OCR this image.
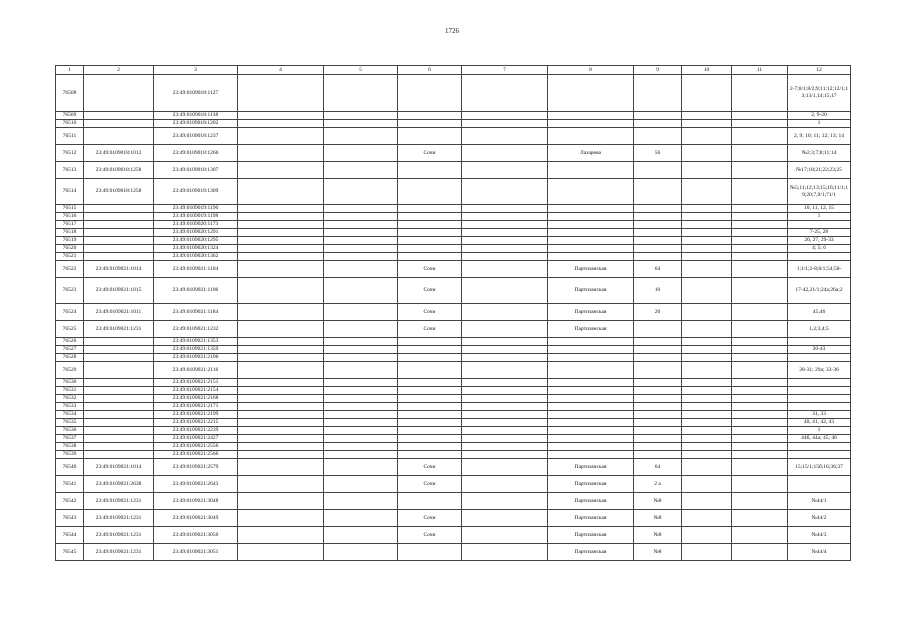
1726
1	2	3	4	5	6	7	8	9	10	11	12
76508		23:49:0109018:1127									2-7;8/1;8/2;9;11;12;12/1;13;13/1,14;15;17
76509		23:49:0109018:1138									2, 9-20
76510		23:49:0109018:1202									1
76511		23:49:0109018:1237									2, 9; 10; 11; 12; 13; 14
76512	23:49:0109018:1012	23:49:0109018:1266			Сочи		Лазарева	56			№2;3;7;8;11;14
76513	23:49:0109018:1258	23:49:0109018:1307									№17;18;21;22;23;25
76514	23:49:0109018:1258	23:49:0109018:1309									№5;11;12;13;15;16;11/1;19;20;7,0/1;71/1
76515		23:49:0109019:1196									10, 11, 12, 15
76516		23:49:0109019:1198									1
76517		23:49:0109020:1173									
76518		23:49:0109020:1291									7-25, 28
76519		23:49:0109020:1295									26, 27, 29-33
76520		23:49:0109020:1324									4; 5; 6
76521		23:49:0109020:1362									
76522	23:49:0109021:1014	23:49:0109021:1104			Сочи		Партизанская	64			1;1/1;2-8;8/1;54;58-
76523	23:49:0109021:1015	23:49:0109021:1106			Сочи		Партизанская	10			17-42,21/1;24а;26а;2
76524	23:49:0109021:1011	23:49:0109021:1184			Сочи		Партизанская	20			45;46
76525	23:49:0109021:1231	23:49:0109021:1232			Сочи		Партизанская				1,2;3,4;5
76526		23:49:0109021:1353									
76527		23:49:0109021:1359									20-43
76528		23:49:0109021:2106									
76529		23:49:0109021:2116									28-31; 29а; 33-36
76530		23:49:0109021:2151									
76531		23:49:0109021:2154									
76532		23:49:0109021:2168									
76533		23:49:0109021:2171									
76534		23:49:0109021:2199									31, 33
76535		23:49:0109021:2215									40, 41, 42, 43
76536		23:49:0109021:2239									1
76537		23:49:0109021:2427									44б, 44а; 45; 46
76538		23:49:0109021:2556									
76539		23:49:0109021:2566									
76540	23:49:0109021:1014	23:49:0109021:2579			Сочи		Партизанская	64			15;15/1;15б;16;36;37
76541	23:49:0109021:2638	23:49:0109021:2643			Сочи		Партизанская	2 а			
76542	23:49:0109021:1231	23:49:0109021:3048					Партизанская	№8			№44/1
76543	23:49:0109021:1231	23:49:0109021:3049			Сочи		Партизанская	№8			№44/2
76544	23:49:0109021:1231	23:49:0109021:3050			Сочи		Партизанская	№8			№44/3
76545	23:49:0109021:1231	23:49:0109021:3051					Партизанская	№8			№44/4
